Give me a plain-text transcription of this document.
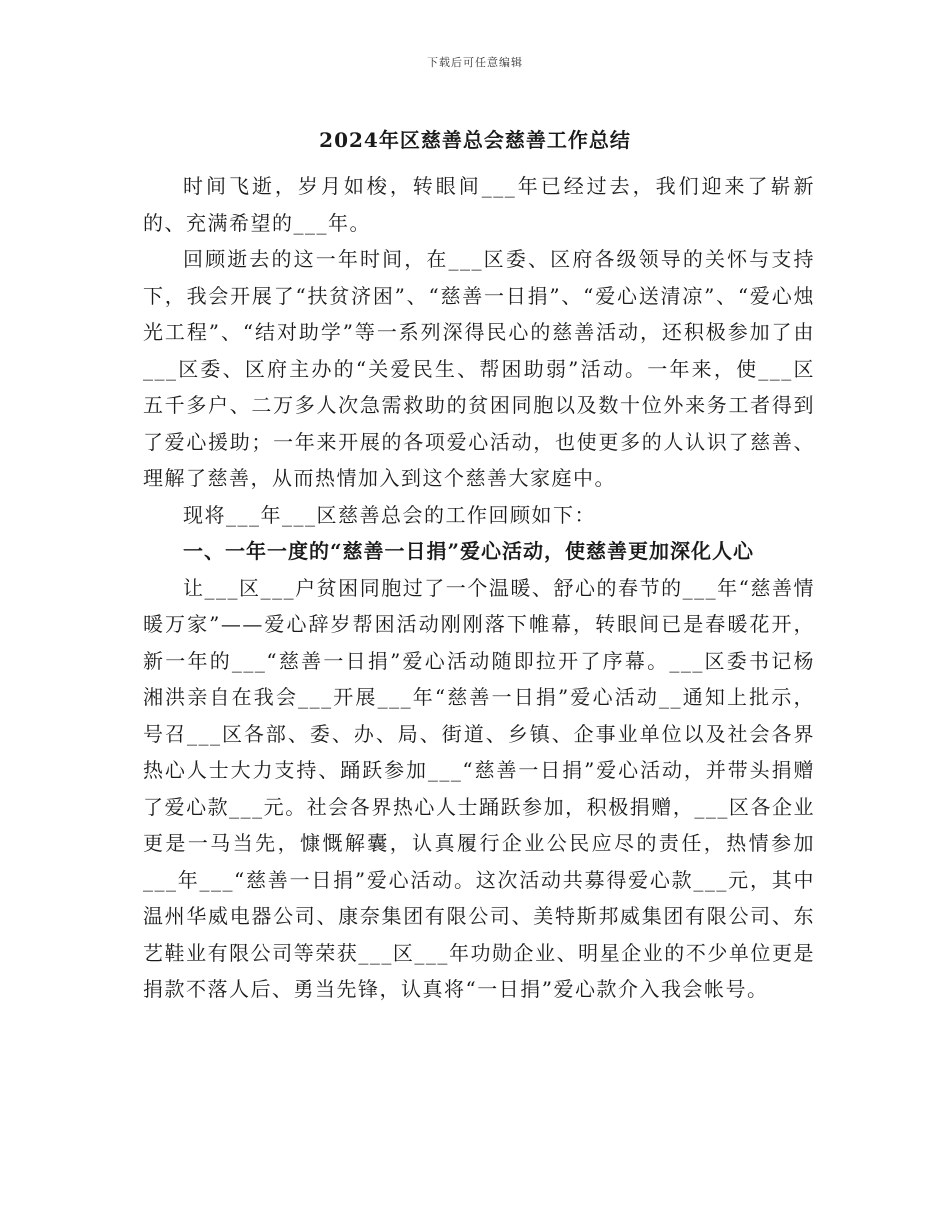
下载后可任意编辑
2024年区慈善总会慈善工作总结

时间飞逝，岁月如梭，转眼间___年已经过去，我们迎来了崭新的、充满希望的___年。

回顾逝去的这一年时间，在___区委、区府各级领导的关怀与支持下，我会开展了“扶贫济困”、“慈善一日捐”、“爱心送清凉”、“爱心烛光工程”、“结对助学”等一系列深得民心的慈善活动，还积极参加了由___区委、区府主办的“关爱民生、帮困助弱”活动。一年来，使___区五千多户、二万多人次急需救助的贫困同胞以及数十位外来务工者得到了爱心援助；一年来开展的各项爱心活动，也使更多的人认识了慈善、理解了慈善，从而热情加入到这个慈善大家庭中。

现将___年___区慈善总会的工作回顾如下：

一、一年一度的“慈善一日捐”爱心活动，使慈善更加深化人心

让___区___户贫困同胞过了一个温暖、舒心的春节的___年“慈善情暖万家”——爱心辞岁帮困活动刚刚落下帷幕，转眼间已是春暖花开，新一年的___“慈善一日捐”爱心活动随即拉开了序幕。___区委书记杨湘洪亲自在我会___开展___年“慈善一日捐”爱心活动__通知上批示，号召___区各部、委、办、局、街道、乡镇、企事业单位以及社会各界热心人士大力支持、踊跃参加___“慈善一日捐”爱心活动，并带头捐赠了爱心款___元。社会各界热心人士踊跃参加，积极捐赠，___区各企业更是一马当先，慷慨解囊，认真履行企业公民应尽的责任，热情参加___年___“慈善一日捐”爱心活动。这次活动共募得爱心款___元，其中温州华威电器公司、康奈集团有限公司、美特斯邦威集团有限公司、东艺鞋业有限公司等荣获___区___年功勋企业、明星企业的不少单位更是捐款不落人后、勇当先锋，认真将“一日捐”爱心款介入我会帐号。
